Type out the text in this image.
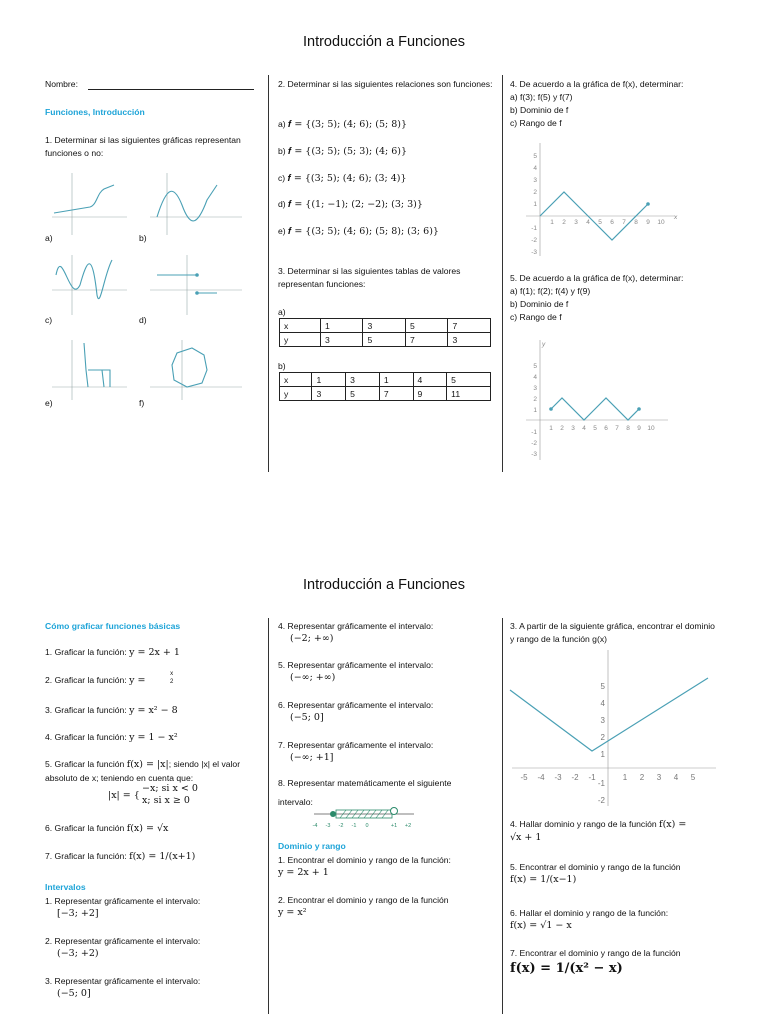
Introducción a Funciones
Nombre:
Funciones, Introducción
1. Determinar si las siguientes gráficas representan funciones o no:
a)	b)
c)	d)
e)	f)
2. Determinar si las siguientes relaciones son funciones:
a) 𝒇 = {(3; 5); (4; 6); (5; 8)}
b) 𝒇 = {(3; 5); (5; 3); (4; 6)}
c) 𝒇 = {(3; 5); (4; 6); (3; 4)}
d) 𝒇 = {(1; −1); (2; −2); (3; 3)}
e) 𝒇 = {(3; 5); (4; 6); (5; 8); (3; 6)}
3. Determinar si las siguientes tablas de valores representan funciones:
a)
x	1	3	5	7
y	3	5	7	3
b)
x	1	3	1	4	5
y	3	5	7	9	11
4. De acuerdo a la gráfica de f(x), determinar:
a) f(3); f(5) y f(7)
b) Dominio de f
c) Rango de f
1 2 3 4 5 6 7 8 9 10
5
4
3
2
1
-1
-2
-3
x
5. De acuerdo a la gráfica de f(x), determinar:
a) f(1); f(2); f(4) y f(9)
b) Dominio de f
c) Rango de f
y
1 2 3 4 5 6 7 8 9 10
5
4
3
2
1
-1
-2
-3
Introducción a Funciones
Cómo graficar funciones básicas
1. Graficar la función: y = 2x + 1
2. Graficar la función: y =
x
2
3. Graficar la función: y = x² − 8
4. Graficar la función: y = 1 − x²
5. Graficar la función f(x) = |x|; siendo |x| el valor absoluto de x; teniendo en cuenta que:
|x| = {
−x; si x < 0
x; si x ≥ 0
6. Graficar la función f(x) = √x
7. Graficar la función: f(x) = 1/(x+1)
Intervalos
1. Representar gráficamente el intervalo:
[−3; +2]
2. Representar gráficamente el intervalo:
(−3; +2)
3. Representar gráficamente el intervalo:
(−5; 0]
4. Representar gráficamente el intervalo:
(−2; +∞)
5. Representar gráficamente el intervalo:
(−∞; +∞)
6. Representar gráficamente el intervalo:
(−5; 0]
7. Representar gráficamente el intervalo:
(−∞; +1]
8. Representar matemáticamente el siguiente intervalo:
-4 -3 -2 -1 0	+1 +2
Dominio y rango
1. Encontrar el dominio y rango de la función:
y = 2x + 1
2. Encontrar el dominio y rango de la función
y = x²
3. A partir de la siguiente gráfica, encontrar el dominio y rango de la función g(x)
-5 -4 -3 -2 -1	1 2 3 4 5
5
4
3
2
1
-1
-2
4. Hallar dominio y rango de la función f(x) =
√x + 1
5. Encontrar el dominio y rango de la función
f(x) = 1/(x−1)
6. Hallar el dominio y rango de la función:
f(x) = √1 − x
7. Encontrar el dominio y rango de la función
f(x) = 1/(x² − x)
